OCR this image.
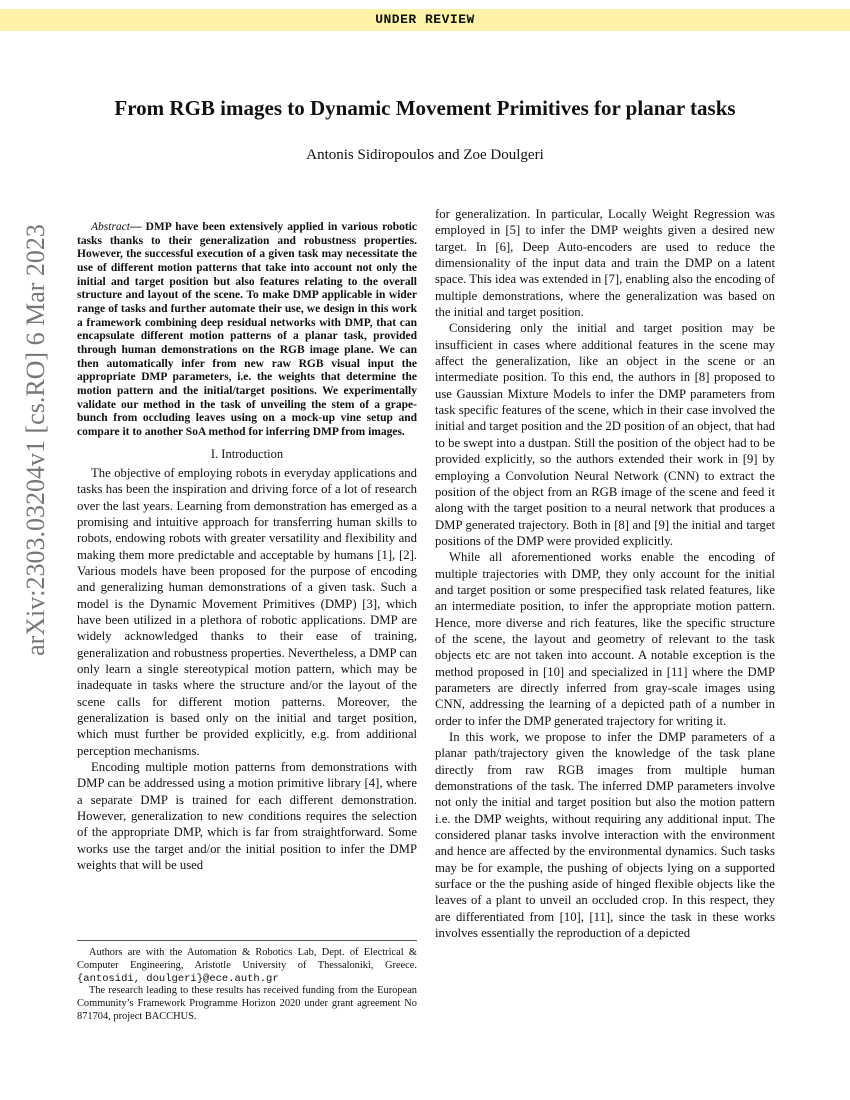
UNDER REVIEW
arXiv:2303.03204v1 [cs.RO] 6 Mar 2023
From RGB images to Dynamic Movement Primitives for planar tasks
Antonis Sidiropoulos and Zoe Doulgeri

Abstract— DMP have been extensively applied in various robotic tasks thanks to their generalization and robustness properties. However, the successful execution of a given task may necessitate the use of different motion patterns that take into account not only the initial and target position but also features relating to the overall structure and layout of the scene. To make DMP applicable in wider range of tasks and further automate their use, we design in this work a framework combining deep residual networks with DMP, that can encapsulate different motion patterns of a planar task, provided through human demonstrations on the RGB image plane. We can then automatically infer from new raw RGB visual input the appropriate DMP parameters, i.e. the weights that determine the motion pattern and the initial/target positions. We experimentally validate our method in the task of unveiling the stem of a grape-bunch from occluding leaves using on a mock-up vine setup and compare it to another SoA method for inferring DMP from images.

I. Introduction

The objective of employing robots in everyday applications and tasks has been the inspiration and driving force of a lot of research over the last years. Learning from demonstration has emerged as a promising and intuitive approach for transferring human skills to robots, endowing robots with greater versatility and flexibility and making them more predictable and acceptable by humans [1], [2]. Various models have been proposed for the purpose of encoding and generalizing human demonstrations of a given task. Such a model is the Dynamic Movement Primitives (DMP) [3], which have been utilized in a plethora of robotic applications. DMP are widely acknowledged thanks to their ease of training, generalization and robustness properties. Nevertheless, a DMP can only learn a single stereotypical motion pattern, which may be inadequate in tasks where the structure and/or the layout of the scene calls for different motion patterns. Moreover, the generalization is based only on the initial and target position, which must further be provided explicitly, e.g. from additional perception mechanisms.

Encoding multiple motion patterns from demonstrations with DMP can be addressed using a motion primitive library [4], where a separate DMP is trained for each different demonstration. However, generalization to new conditions requires the selection of the appropriate DMP, which is far from straightforward. Some works use the target and/or the initial position to infer the DMP weights that will be used

for generalization. In particular, Locally Weight Regression was employed in [5] to infer the DMP weights given a desired new target. In [6], Deep Auto-encoders are used to reduce the dimensionality of the input data and train the DMP on a latent space. This idea was extended in [7], enabling also the encoding of multiple demonstrations, where the generalization was based on the initial and target position.

Considering only the initial and target position may be insufficient in cases where additional features in the scene may affect the generalization, like an object in the scene or an intermediate position. To this end, the authors in [8] proposed to use Gaussian Mixture Models to infer the DMP parameters from task specific features of the scene, which in their case involved the initial and target position and the 2D position of an object, that had to be swept into a dustpan. Still the position of the object had to be provided explicitly, so the authors extended their work in [9] by employing a Convolution Neural Network (CNN) to extract the position of the object from an RGB image of the scene and feed it along with the target position to a neural network that produces a DMP generated trajectory. Both in [8] and [9] the initial and target positions of the DMP were provided explicitly.

While all aforementioned works enable the encoding of multiple trajectories with DMP, they only account for the initial and target position or some prespecified task related features, like an intermediate position, to infer the appropriate motion pattern. Hence, more diverse and rich features, like the specific structure of the scene, the layout and geometry of relevant to the task objects etc are not taken into account. A notable exception is the method proposed in [10] and specialized in [11] where the DMP parameters are directly inferred from gray-scale images using CNN, addressing the learning of a depicted path of a number in order to infer the DMP generated trajectory for writing it.

In this work, we propose to infer the DMP parameters of a planar path/trajectory given the knowledge of the task plane directly from raw RGB images from multiple human demonstrations of the task. The inferred DMP parameters involve not only the initial and target position but also the motion pattern i.e. the DMP weights, without requiring any additional input. The considered planar tasks involve interaction with the environment and hence are affected by the environmental dynamics. Such tasks may be for example, the pushing of objects lying on a supported surface or the the pushing aside of hinged flexible objects like the leaves of a plant to unveil an occluded crop. In this respect, they are differentiated from [10], [11], since the task in these works involves essentially the reproduction of a depicted

Authors are with the Automation & Robotics Lab, Dept. of Electrical & Computer Engineering, Aristotle University of Thessaloniki, Greece. {antosidi, doulgeri}@ece.auth.gr

The research leading to these results has received funding from the European Community’s Framework Programme Horizon 2020 under grant agreement No 871704, project BACCHUS.
